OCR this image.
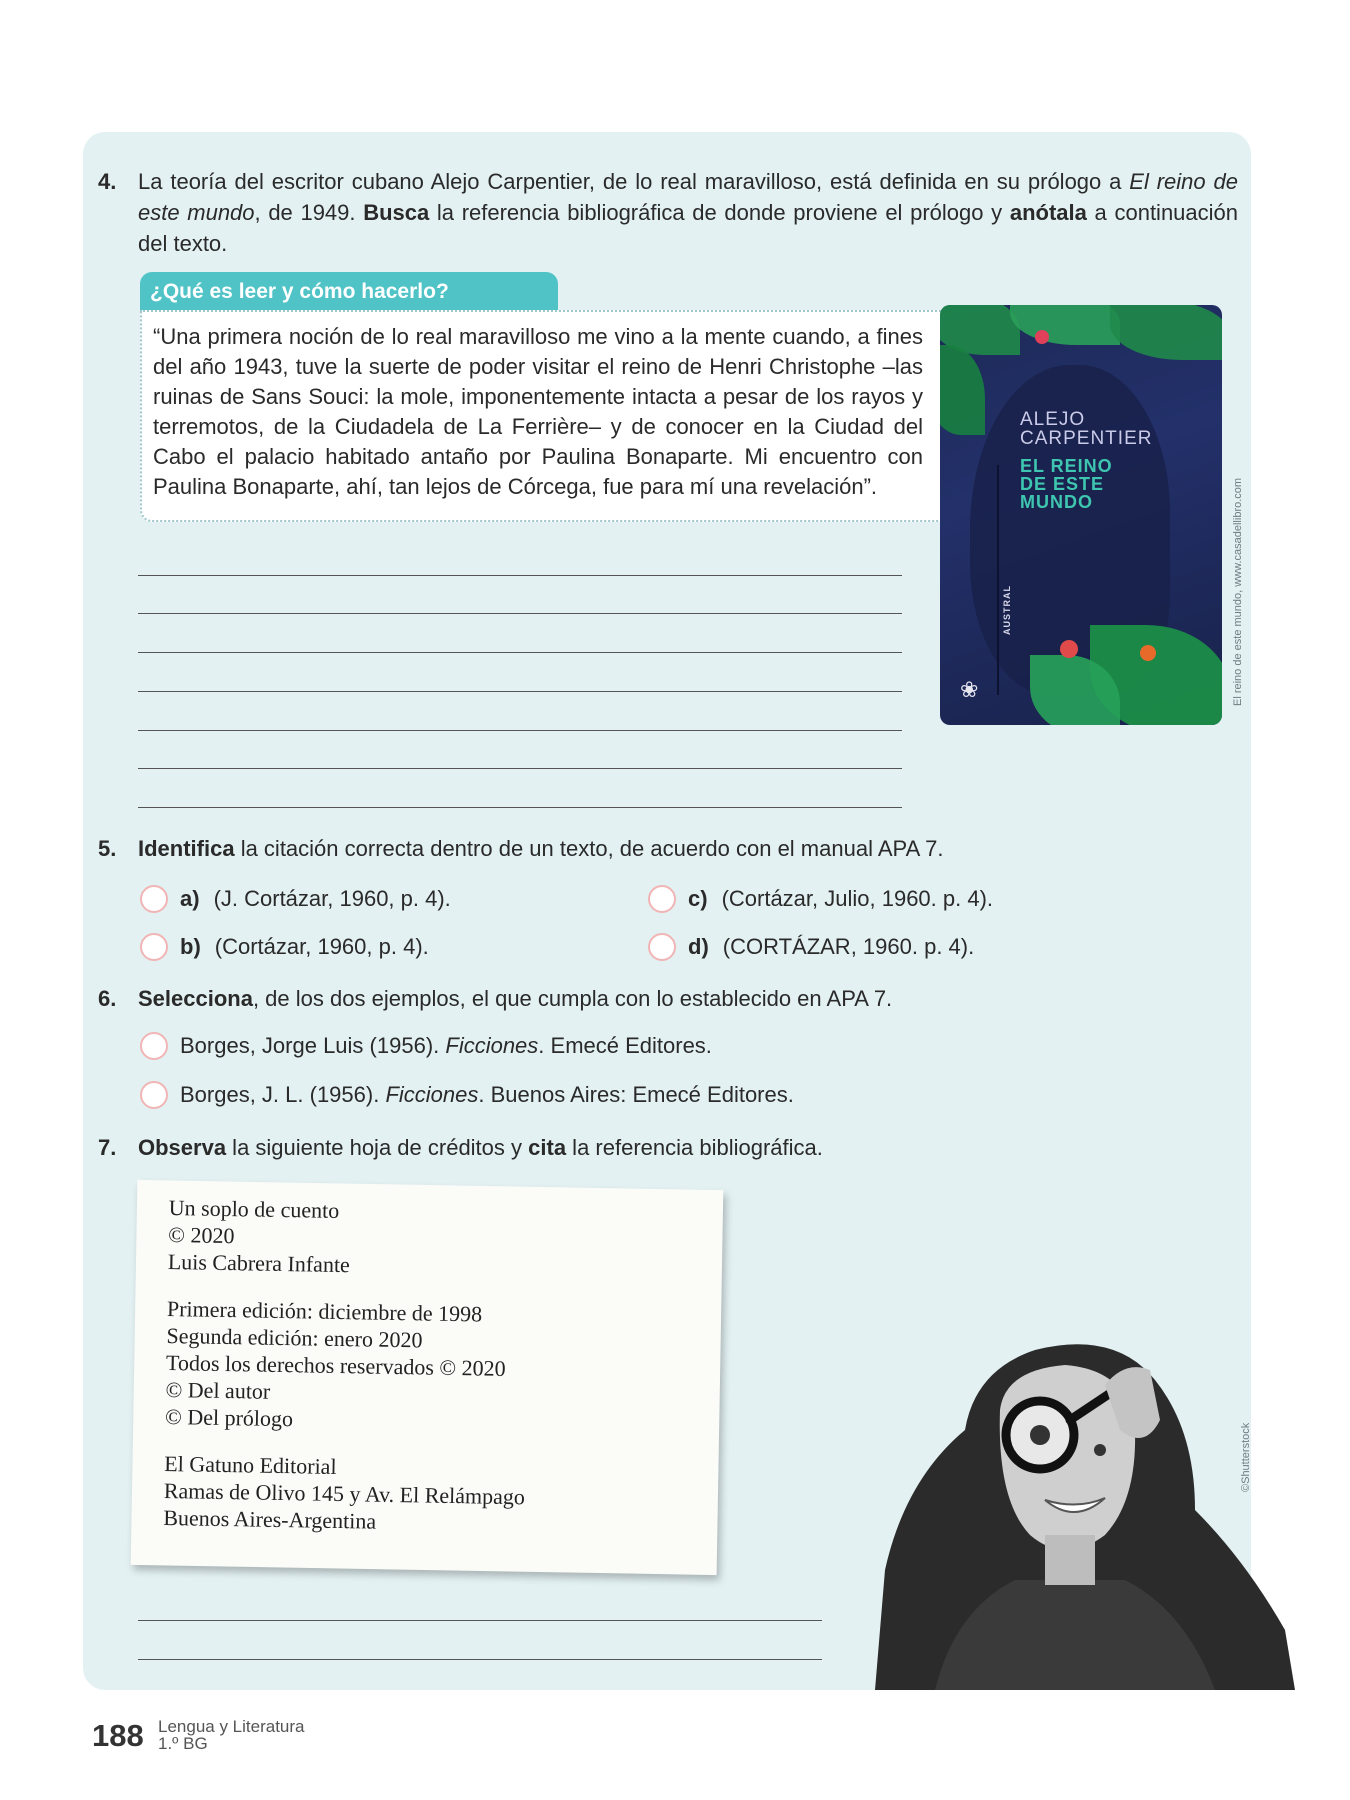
4. La teoría del escritor cubano Alejo Carpentier, de lo real maravilloso, está definida en su prólogo a El reino de este mundo, de 1949. Busca la referencia bibliográfica de donde proviene el prólogo y anótala a continuación del texto.
¿Qué es leer y cómo hacerlo?
“Una primera noción de lo real maravilloso me vino a la mente cuando, a fines del año 1943, tuve la suerte de poder visitar el reino de Henri Christophe –las ruinas de Sans Souci: la mole, imponentemente intacta a pesar de los rayos y terremotos, de la Ciudadela de La Ferrière– y de conocer en la Ciudad del Cabo el palacio habitado antaño por Paulina Bonaparte. Mi encuentro con Paulina Bonaparte, ahí, tan lejos de Córcega, fue para mí una revelación”.
ALEJO
CARPENTIER
EL REINO
DE ESTE
MUNDO
AUSTRAL
❀	El reino de este mundo, www.casadellibro.com
5. Identifica la citación correcta dentro de un texto, de acuerdo con el manual APA 7.
a) (J. Cortázar, 1960, p. 4).
b) (Cortázar, 1960, p. 4).
c) (Cortázar, Julio, 1960. p. 4).
d) (CORTÁZAR, 1960. p. 4).
6. Selecciona, de los dos ejemplos, el que cumpla con lo establecido en APA 7.
Borges, Jorge Luis (1956). Ficciones. Emecé Editores.
Borges, J. L. (1956). Ficciones. Buenos Aires: Emecé Editores.
7. Observa la siguiente hoja de créditos y cita la referencia bibliográfica.
Un soplo de cuento
© 2020
Luis Cabrera Infante
Primera edición: diciembre de 1998
Segunda edición: enero 2020
Todos los derechos reservados © 2020
© Del autor
© Del prólogo
El Gatuno Editorial
Ramas de Olivo 145 y Av. El Relámpago
Buenos Aires-Argentina
©Shutterstock
188 Lengua y Literatura
1.º BG
